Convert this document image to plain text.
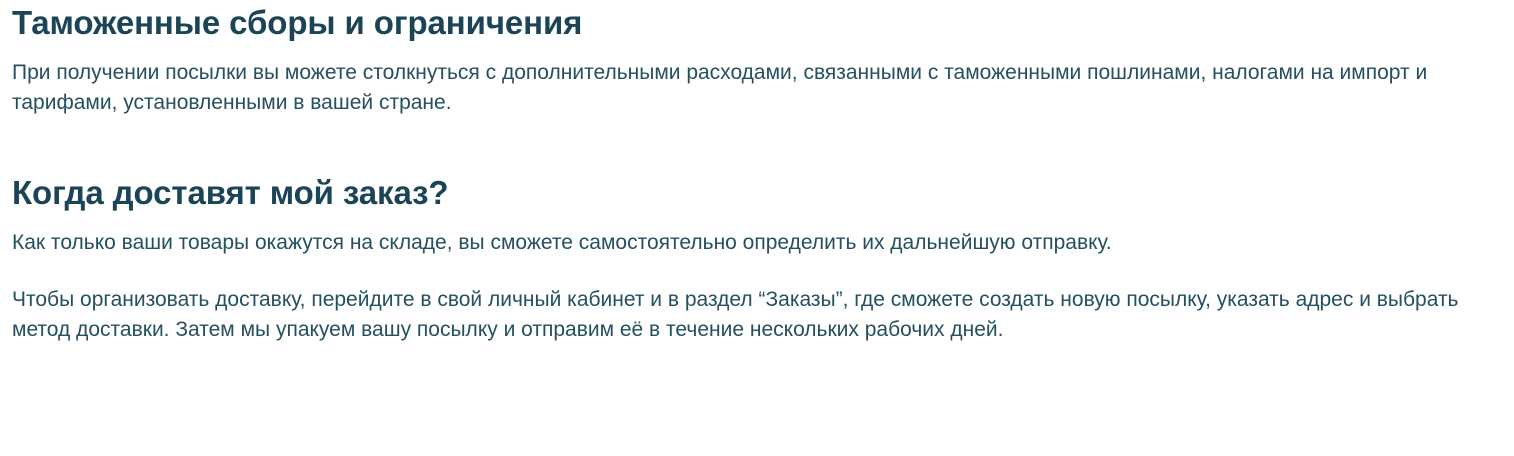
Таможенные сборы и ограничения

При получении посылки вы можете столкнуться с дополнительными расходами, связанными с таможенными пошлинами, налогами на импорт и тарифами, установленными в вашей стране.

Когда доставят мой заказ?

Как только ваши товары окажутся на складе, вы сможете самостоятельно определить их дальнейшую отправку.

Чтобы организовать доставку, перейдите в свой личный кабинет и в раздел “Заказы”, где сможете создать новую посылку, указать адрес и выбрать метод доставки. Затем мы упакуем вашу посылку и отправим её в течение нескольких рабочих дней.
